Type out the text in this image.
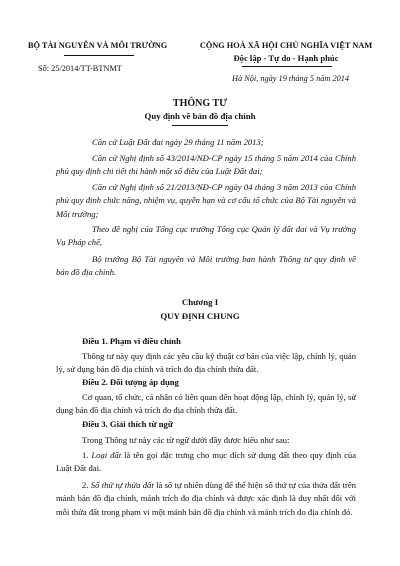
BỘ TÀI NGUYÊN VÀ MÔI TRƯỜNG
Số: 25/2014/TT-BTNMT
CỘNG HOÀ XÃ HỘI CHỦ NGHĨA VIỆT NAM
Độc lập - Tự do - Hạnh phúc
Hà Nội, ngày 19 tháng 5 năm 2014
THÔNG TƯ
Quy định về bản đồ địa chính
Căn cứ Luật Đất đai ngày 29 tháng 11 năm 2013;
Căn cứ Nghị định số 43/2014/NĐ-CP ngày 15 tháng 5 năm 2014 của Chính phủ quy định chi tiết thi hành một số điều của Luật Đất đai;
Căn cứ Nghị định số 21/2013/NĐ-CP ngày 04 tháng 3 năm 2013 của Chính phủ quy định chức năng, nhiệm vụ, quyền hạn và cơ cấu tổ chức của Bộ Tài nguyên và Môi trường;
Theo đề nghị của Tổng cục trưởng Tổng cục Quản lý đất đai và Vụ trưởng Vụ Pháp chế,
Bộ trưởng Bộ Tài nguyên và Môi trường ban hành Thông tư quy định về bản đồ địa chính.
Chương I
QUY ĐỊNH CHUNG
Điều 1. Phạm vi điều chỉnh
Thông tư này quy định các yêu cầu kỹ thuật cơ bản của việc lập, chỉnh lý, quản lý, sử dụng bản đồ địa chính và trích đo địa chính thửa đất.
Điều 2. Đối tượng áp dụng
Cơ quan, tổ chức, cá nhân có liên quan đến hoạt động lập, chỉnh lý, quản lý, sử dụng bản đồ địa chính và trích đo địa chính thửa đất.
Điều 3. Giải thích từ ngữ
Trong Thông tư này các từ ngữ dưới đây được hiểu như sau:
1. Loại đất là tên gọi đặc trưng cho mục đích sử dụng đất theo quy định của Luật Đất đai.
2. Số thứ tự thửa đất là số tự nhiên dùng để thể hiện số thứ tự của thửa đất trên mảnh bản đồ địa chính, mảnh trích đo địa chính và được xác định là duy nhất đối với mỗi thửa đất trong phạm vi một mảnh bản đồ địa chính và mảnh trích đo địa chính đó.
